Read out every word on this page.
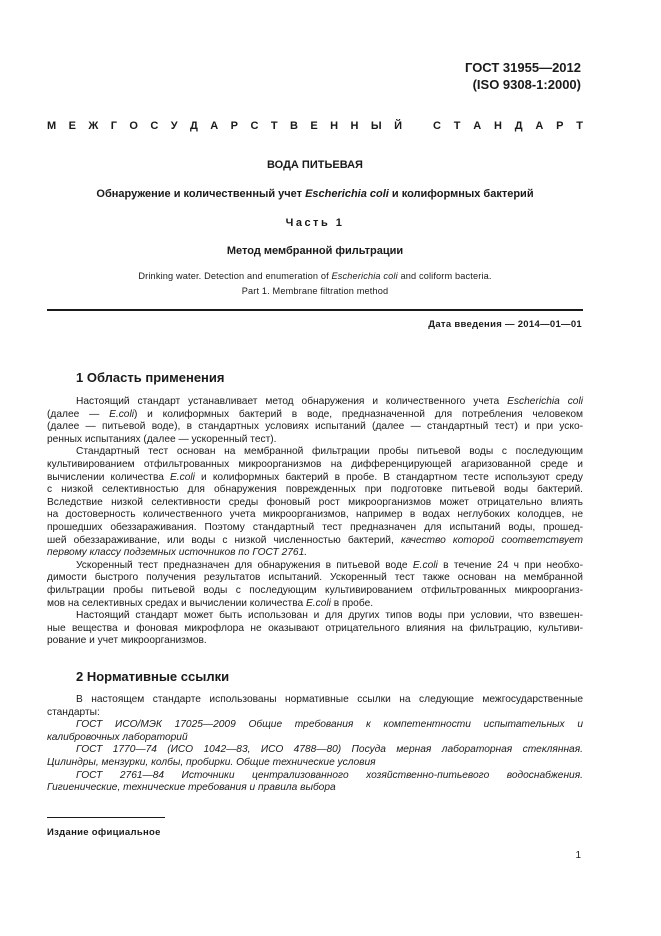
ГОСТ 31955—2012
(ISO 9308-1:2000)
М Е Ж Г О С У Д А Р С Т В Е Н Н Ы Й	С Т А Н Д А Р Т
ВОДА ПИТЬЕВАЯ
Обнаружение и количественный учет Escherichia coli и колиформных бактерий
Часть 1
Метод мембранной фильтрации
Drinking water. Detection and enumeration of Escherichia coli and coliform bacteria.
Part 1. Membrane filtration method
Дата введения — 2014—01—01
1 Область применения

Настоящий стандарт устанавливает метод обнаружения и количественного учета Escherichia coli
(далее — E.coli) и колиформных бактерий в воде, предназначенной для потребления человеком
(далее — питьевой воде), в стандартных условиях испытаний (далее — стандартный тест) и при уско-
ренных испытаниях (далее — ускоренный тест).

Стандартный тест основан на мембранной фильтрации пробы питьевой воды с последующим
культивированием отфильтрованных микроорганизмов на дифференцирующей агаризованной среде и
вычислении количества E.coli и колиформных бактерий в пробе. В стандартном тесте используют среду
с низкой селективностью для обнаружения поврежденных при подготовке питьевой воды бактерий.
Вследствие низкой селективности среды фоновый рост микроорганизмов может отрицательно влиять
на достоверность количественного учета микроорганизмов, например в водах неглубоких колодцев, не
прошедших обеззараживания. Поэтому стандартный тест предназначен для испытаний воды, прошед-
шей обеззараживание, или воды с низкой численностью бактерий, качество которой соответствует
первому классу подземных источников по ГОСТ 2761.

Ускоренный тест предназначен для обнаружения в питьевой воде E.coli в течение 24 ч при необхо-
димости быстрого получения результатов испытаний. Ускоренный тест также основан на мембранной
фильтрации пробы питьевой воды с последующим культивированием отфильтрованных микроорганиз-
мов на селективных средах и вычислении количества E.coli в пробе.

Настоящий стандарт может быть использован и для других типов воды при условии, что взвешен-
ные вещества и фоновая микрофлора не оказывают отрицательного влияния на фильтрацию, культиви-
рование и учет микроорганизмов.

2 Нормативные ссылки

В настоящем стандарте использованы нормативные ссылки на следующие межгосударственные
стандарты:

ГОСТ ИСО/МЭК 17025—2009 Общие требования к компетентности испытательных и
калибровочных лабораторий

ГОСТ 1770—74 (ИСО 1042—83, ИСО 4788—80) Посуда мерная лабораторная стеклянная.
Цилиндры, мензурки, колбы, пробирки. Общие технические условия

ГОСТ 2761—84 Источники централизованного хозяйственно-питьевого водоснабжения.
Гигиенические, технические требования и правила выбора

Издание официальное
1
